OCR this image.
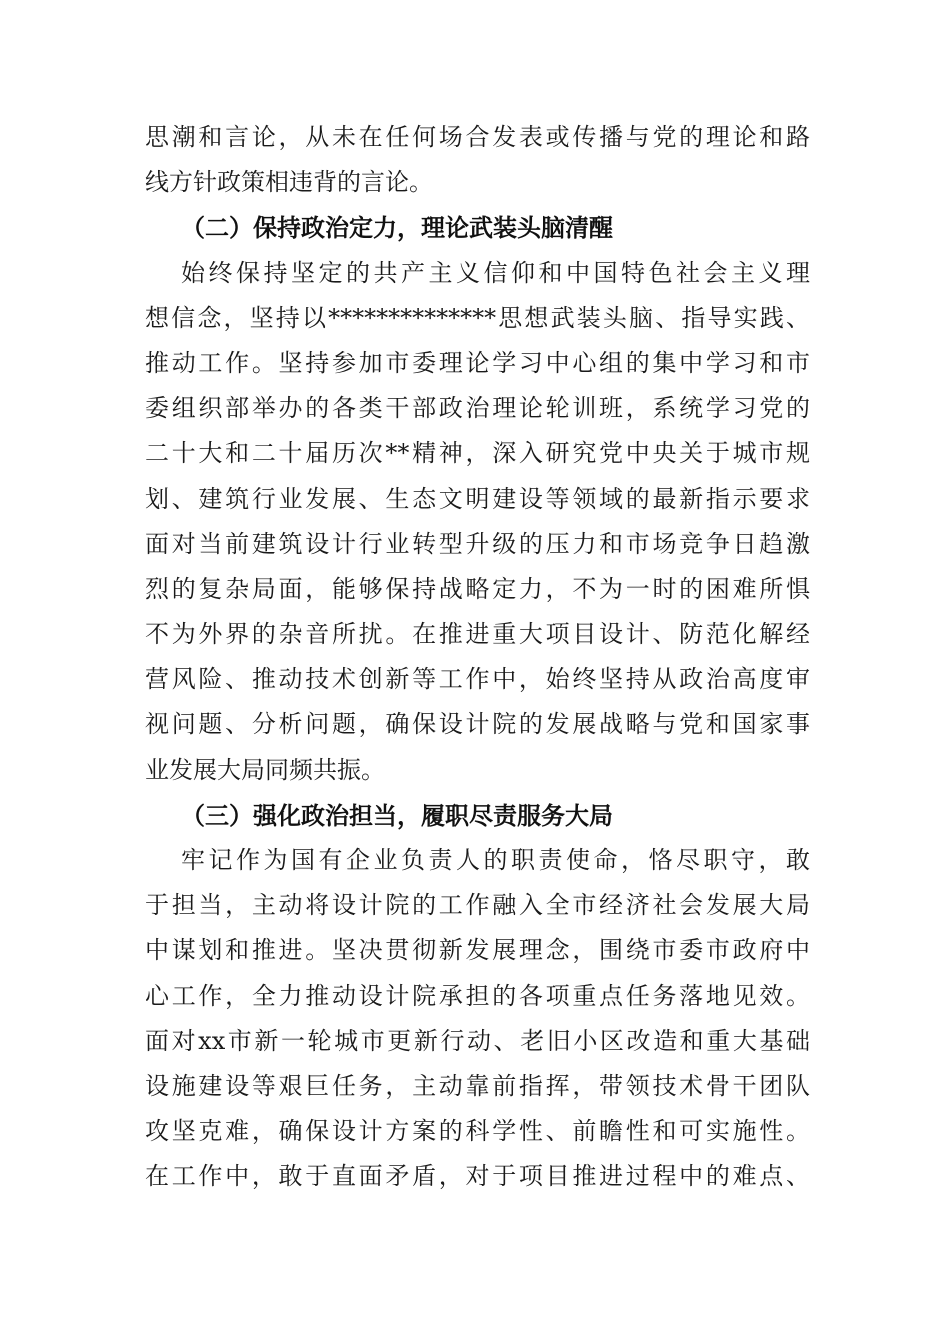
思潮和言论，从未在任何场合发表或传播与党的理论和路
线方针政策相违背的言论。
（二）保持政治定力，理论武装头脑清醒
始终保持坚定的共产主义信仰和中国特色社会主义理
想信念，坚持以**************思想武装头脑、指导实践、
推动工作。坚持参加市委理论学习中心组的集中学习和市
委组织部举办的各类干部政治理论轮训班，系统学习党的
二十大和二十届历次**精神，深入研究党中央关于城市规
划、建筑行业发展、生态文明建设等领域的最新指示要求
面对当前建筑设计行业转型升级的压力和市场竞争日趋激
烈的复杂局面，能够保持战略定力，不为一时的困难所惧
不为外界的杂音所扰。在推进重大项目设计、防范化解经
营风险、推动技术创新等工作中，始终坚持从政治高度审
视问题、分析问题，确保设计院的发展战略与党和国家事
业发展大局同频共振。
（三）强化政治担当，履职尽责服务大局
牢记作为国有企业负责人的职责使命，恪尽职守，敢
于担当，主动将设计院的工作融入全市经济社会发展大局
中谋划和推进。坚决贯彻新发展理念，围绕市委市政府中
心工作，全力推动设计院承担的各项重点任务落地见效。
面对xx市新一轮城市更新行动、老旧小区改造和重大基础
设施建设等艰巨任务，主动靠前指挥，带领技术骨干团队
攻坚克难，确保设计方案的科学性、前瞻性和可实施性。
在工作中，敢于直面矛盾，对于项目推进过程中的难点、
